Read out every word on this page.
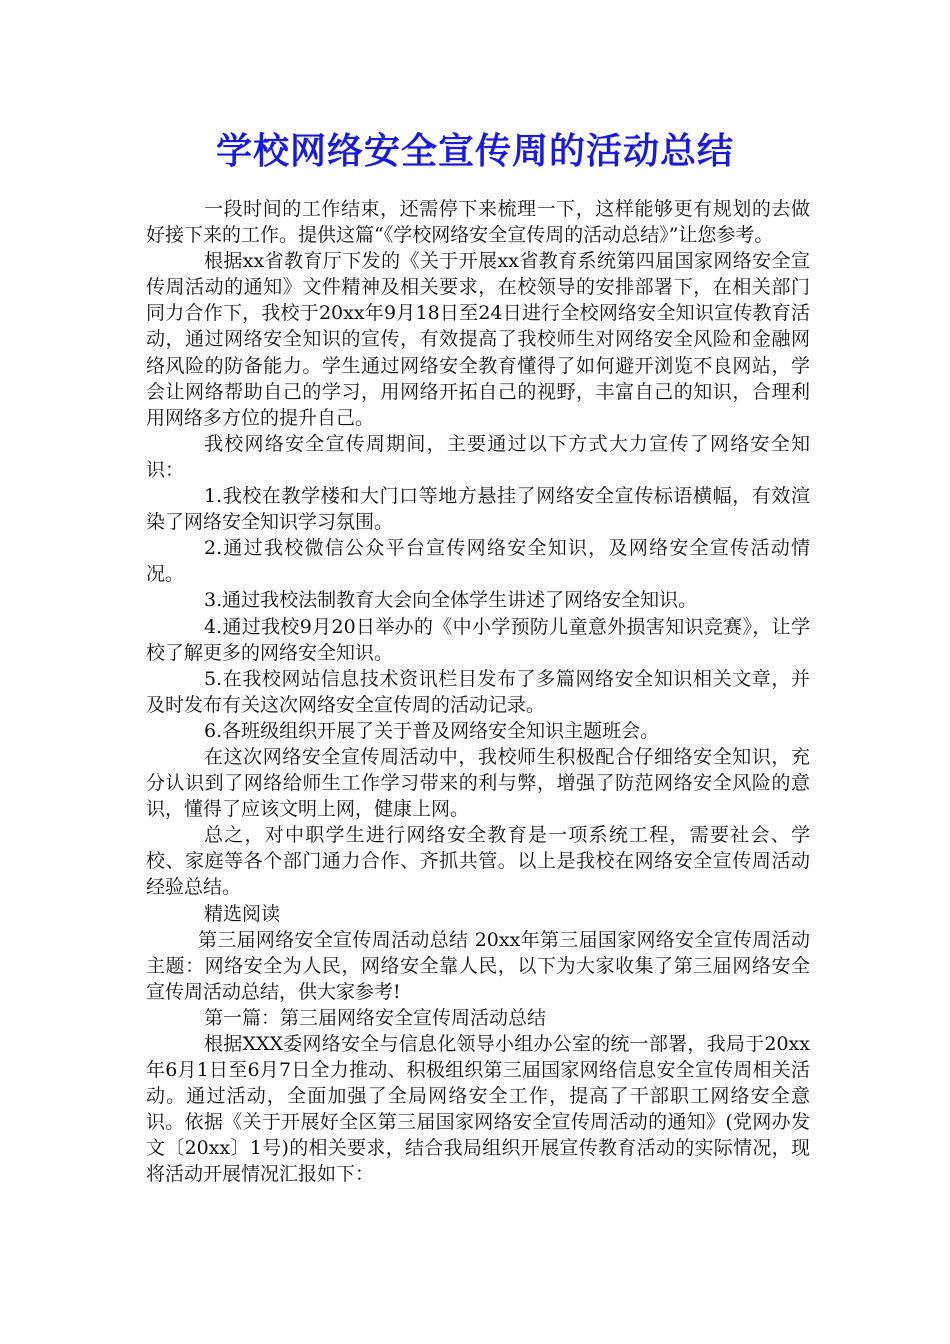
学校网络安全宣传周的活动总结

一段时间的工作结束，还需停下来梳理一下，这样能够更有规划的去做好接下来的工作。提供这篇“《学校网络安全宣传周的活动总结》”让您参考。

根据xx省教育厅下发的《关于开展xx省教育系统第四届国家网络安全宣传周活动的通知》文件精神及相关要求，在校领导的安排部署下，在相关部门同力合作下，我校于20xx年9月18日至24日进行全校网络安全知识宣传教育活动，通过网络安全知识的宣传，有效提高了我校师生对网络安全风险和金融网络风险的防备能力。学生通过网络安全教育懂得了如何避开浏览不良网站，学会让网络帮助自己的学习，用网络开拓自己的视野，丰富自己的知识，合理利用网络多方位的提升自己。

我校网络安全宣传周期间，主要通过以下方式大力宣传了网络安全知识：

1.我校在教学楼和大门口等地方悬挂了网络安全宣传标语横幅，有效渲染了网络安全知识学习氛围。

2.通过我校微信公众平台宣传网络安全知识，及网络安全宣传活动情况。

3.通过我校法制教育大会向全体学生讲述了网络安全知识。

4.通过我校9月20日举办的《中小学预防儿童意外损害知识竞赛》，让学校了解更多的网络安全知识。

5.在我校网站信息技术资讯栏目发布了多篇网络安全知识相关文章，并及时发布有关这次网络安全宣传周的活动记录。

6.各班级组织开展了关于普及网络安全知识主题班会。

在这次网络安全宣传周活动中，我校师生积极配合仔细络安全知识，充分认识到了网络给师生工作学习带来的利与弊，增强了防范网络安全风险的意识，懂得了应该文明上网，健康上网。

总之，对中职学生进行网络安全教育是一项系统工程，需要社会、学校、家庭等各个部门通力合作、齐抓共管。以上是我校在网络安全宣传周活动经验总结。

精选阅读

第三届网络安全宣传周活动总结 20xx年第三届国家网络安全宣传周活动主题：网络安全为人民，网络安全靠人民，以下为大家收集了第三届网络安全宣传周活动总结，供大家参考!

第一篇：第三届网络安全宣传周活动总结

根据XXX委网络安全与信息化领导小组办公室的统一部署，我局于20xx年6月1日至6月7日全力推动、积极组织第三届国家网络信息安全宣传周相关活动。通过活动，全面加强了全局网络安全工作，提高了干部职工网络安全意识。依据《关于开展好全区第三届国家网络安全宣传周活动的通知》(党网办发文〔20xx〕1号)的相关要求，结合我局组织开展宣传教育活动的实际情况，现将活动开展情况汇报如下：
